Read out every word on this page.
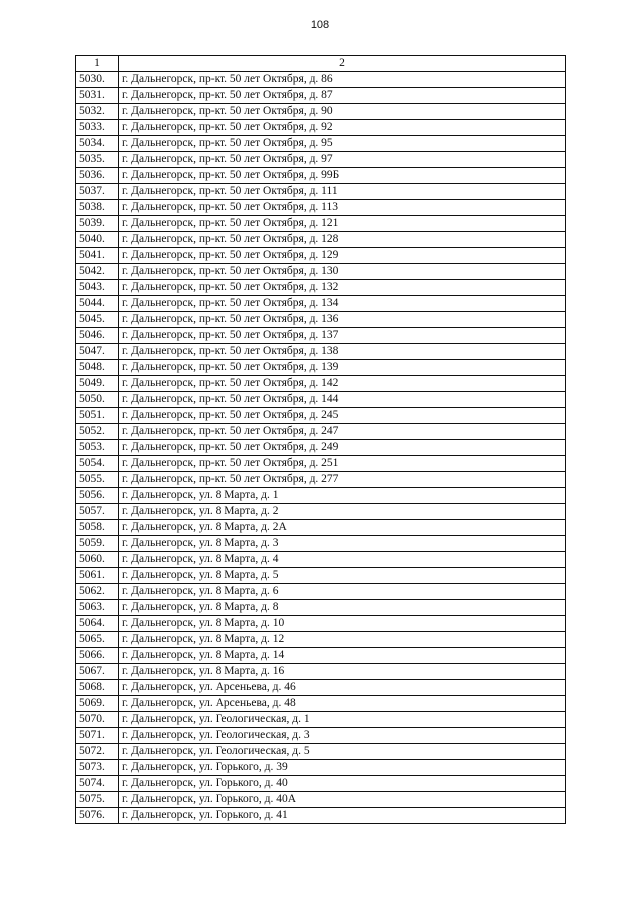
108
1	2
5030.	г. Дальнегорск, пр-кт. 50 лет Октября, д. 86
5031.	г. Дальнегорск, пр-кт. 50 лет Октября, д. 87
5032.	г. Дальнегорск, пр-кт. 50 лет Октября, д. 90
5033.	г. Дальнегорск, пр-кт. 50 лет Октября, д. 92
5034.	г. Дальнегорск, пр-кт. 50 лет Октября, д. 95
5035.	г. Дальнегорск, пр-кт. 50 лет Октября, д. 97
5036.	г. Дальнегорск, пр-кт. 50 лет Октября, д. 99Б
5037.	г. Дальнегорск, пр-кт. 50 лет Октября, д. 111
5038.	г. Дальнегорск, пр-кт. 50 лет Октября, д. 113
5039.	г. Дальнегорск, пр-кт. 50 лет Октября, д. 121
5040.	г. Дальнегорск, пр-кт. 50 лет Октября, д. 128
5041.	г. Дальнегорск, пр-кт. 50 лет Октября, д. 129
5042.	г. Дальнегорск, пр-кт. 50 лет Октября, д. 130
5043.	г. Дальнегорск, пр-кт. 50 лет Октября, д. 132
5044.	г. Дальнегорск, пр-кт. 50 лет Октября, д. 134
5045.	г. Дальнегорск, пр-кт. 50 лет Октября, д. 136
5046.	г. Дальнегорск, пр-кт. 50 лет Октября, д. 137
5047.	г. Дальнегорск, пр-кт. 50 лет Октября, д. 138
5048.	г. Дальнегорск, пр-кт. 50 лет Октября, д. 139
5049.	г. Дальнегорск, пр-кт. 50 лет Октября, д. 142
5050.	г. Дальнегорск, пр-кт. 50 лет Октября, д. 144
5051.	г. Дальнегорск, пр-кт. 50 лет Октября, д. 245
5052.	г. Дальнегорск, пр-кт. 50 лет Октября, д. 247
5053.	г. Дальнегорск, пр-кт. 50 лет Октября, д. 249
5054.	г. Дальнегорск, пр-кт. 50 лет Октября, д. 251
5055.	г. Дальнегорск, пр-кт. 50 лет Октября, д. 277
5056.	г. Дальнегорск, ул. 8 Марта, д. 1
5057.	г. Дальнегорск, ул. 8 Марта, д. 2
5058.	г. Дальнегорск, ул. 8 Марта, д. 2А
5059.	г. Дальнегорск, ул. 8 Марта, д. 3
5060.	г. Дальнегорск, ул. 8 Марта, д. 4
5061.	г. Дальнегорск, ул. 8 Марта, д. 5
5062.	г. Дальнегорск, ул. 8 Марта, д. 6
5063.	г. Дальнегорск, ул. 8 Марта, д. 8
5064.	г. Дальнегорск, ул. 8 Марта, д. 10
5065.	г. Дальнегорск, ул. 8 Марта, д. 12
5066.	г. Дальнегорск, ул. 8 Марта, д. 14
5067.	г. Дальнегорск, ул. 8 Марта, д. 16
5068.	г. Дальнегорск, ул. Арсеньева, д. 46
5069.	г. Дальнегорск, ул. Арсеньева, д. 48
5070.	г. Дальнегорск, ул. Геологическая, д. 1
5071.	г. Дальнегорск, ул. Геологическая, д. 3
5072.	г. Дальнегорск, ул. Геологическая, д. 5
5073.	г. Дальнегорск, ул. Горького, д. 39
5074.	г. Дальнегорск, ул. Горького, д. 40
5075.	г. Дальнегорск, ул. Горького, д. 40А
5076.	г. Дальнегорск, ул. Горького, д. 41
